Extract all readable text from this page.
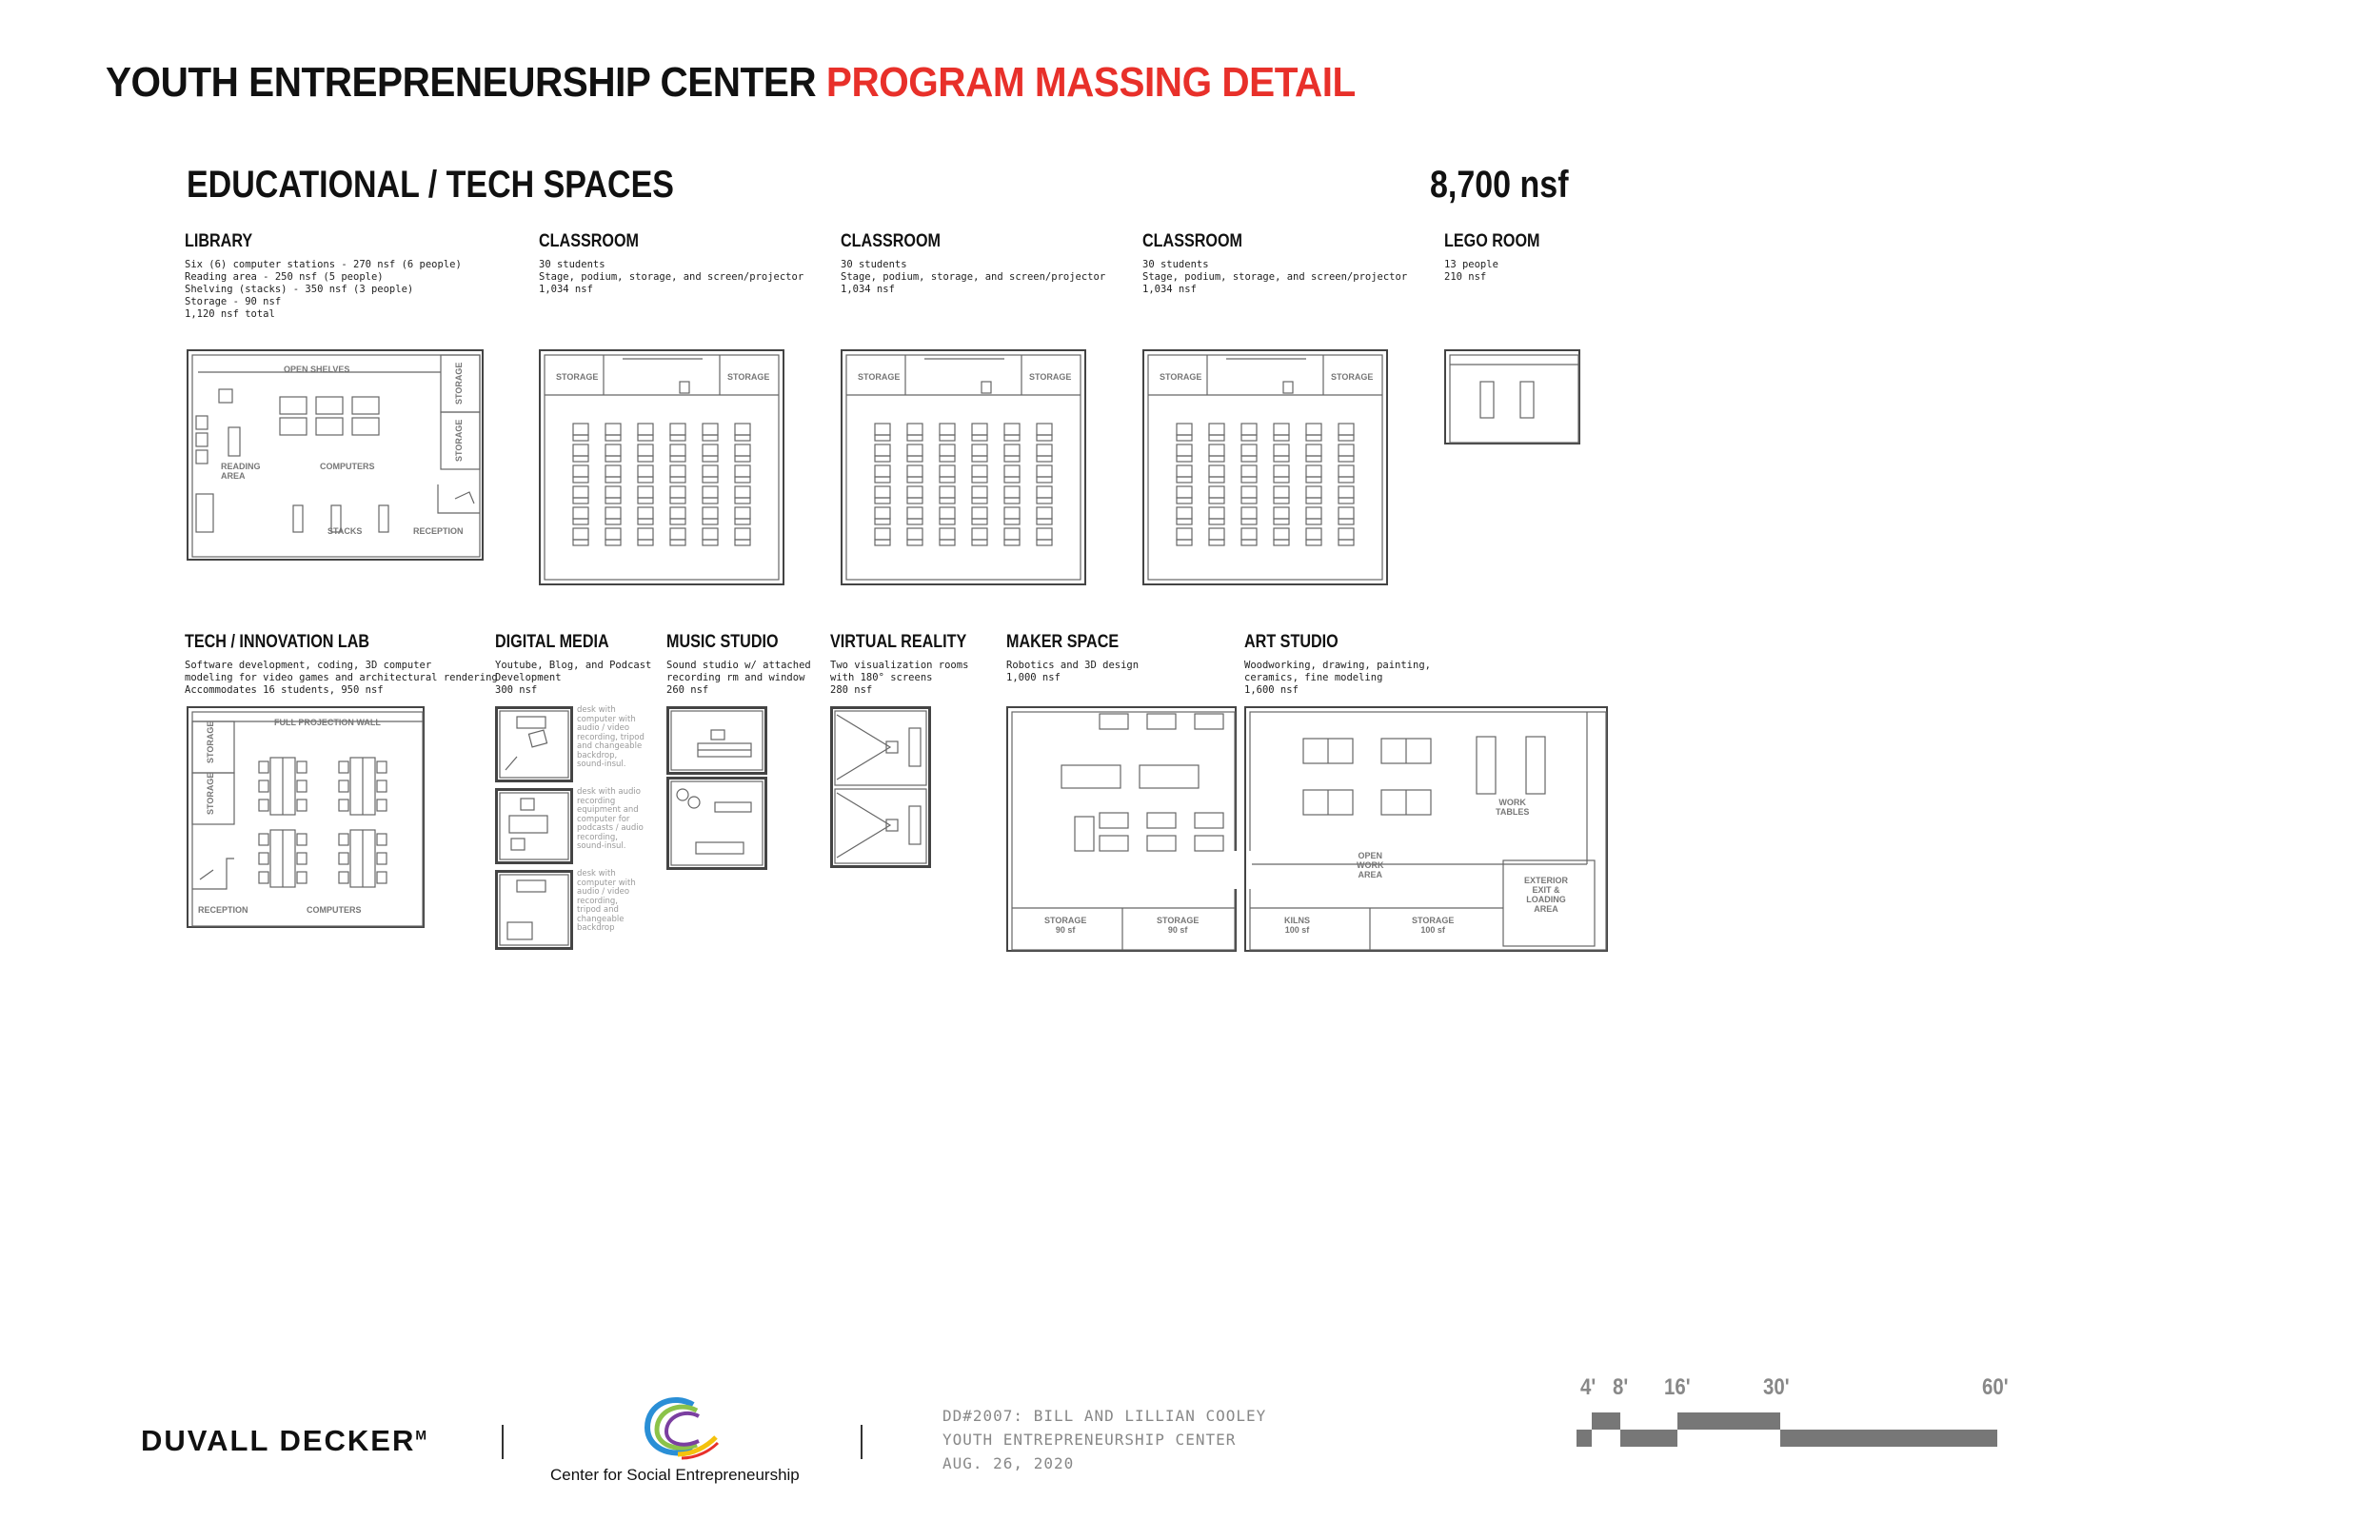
YOUTH ENTREPRENEURSHIP CENTER PROGRAM MASSING DETAIL
EDUCATIONAL / TECH SPACES	8,700 nsf
LIBRARY
Six (6) computer stations - 270 nsf (6 people)
Reading area - 250 nsf (5 people)
Shelving (stacks) - 350 nsf (3 people)
Storage - 90 nsf
1,120 nsf total
CLASSROOM
30 students
Stage, podium, storage, and screen/projector
1,034 nsf
CLASSROOM
30 students
Stage, podium, storage, and screen/projector
1,034 nsf
CLASSROOM
30 students
Stage, podium, storage, and screen/projector
1,034 nsf
LEGO ROOM
13 people
210 nsf
OPEN SHELVES	STORAGE
STORAGE
READING
AREA
COMPUTERS
STACKS	RECEPTION
STORAGE	STORAGE	STORAGE	STORAGE	STORAGE	STORAGE
TECH / INNOVATION LAB
Software development, coding, 3D computer
modeling for video games and architectural rendering
Accommodates 16 students, 950 nsf
DIGITAL MEDIA
Youtube, Blog, and Podcast
Development
300 nsf
MUSIC STUDIO
Sound studio w/ attached
recording rm and window
260 nsf
VIRTUAL REALITY
Two visualization rooms
with 180° screens
280 nsf
MAKER SPACE
Robotics and 3D design
1,000 nsf
ART STUDIO
Woodworking, drawing, painting,
ceramics, fine modeling
1,600 nsf
FULL PROJECTION WALL
STORAGE
STORAGE
RECEPTION	COMPUTERS
desk with
computer with
audio / video
recording, tripod
and changeable
backdrop,
sound-insul.
desk with audio
recording
equipment and
computer for
podcasts / audio
recording,
sound-insul.
desk with
computer with
audio / video
recording,
tripod and
changeable
backdrop
STORAGE
90 sf
STORAGE
90 sf
WORK
TABLES
OPEN
WORK
AREA
EXTERIOR
EXIT &
LOADING
AREA
KILNS
100 sf
STORAGE
100 sf
DUVALL $DECKER^M$
Center for Social Entrepreneurship
DD#2007: BILL AND LILLIAN COOLEY
YOUTH ENTREPRENEURSHIP CENTER
AUG. 26, 2020
4' 8' 16'	30'	60'
